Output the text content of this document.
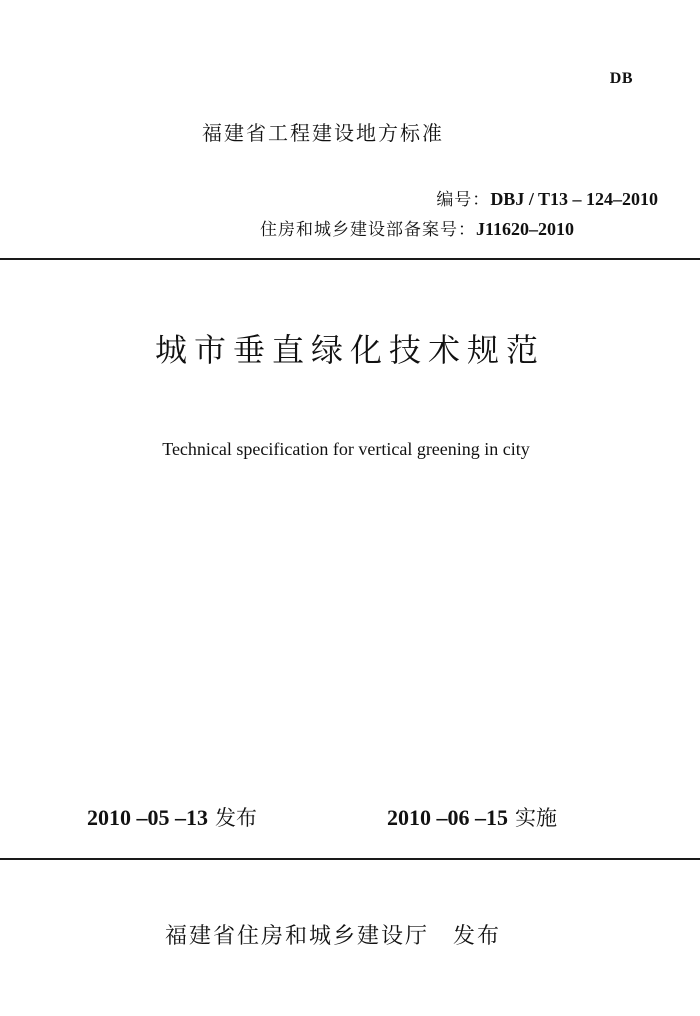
DB
福建省工程建设地方标准
编号：DBJ / T13 – 124–2010
住房和城乡建设部备案号：J11620–2010
城市垂直绿化技术规范
Technical specification for vertical greening in city
2010 –05 –13 发布	2010 –06 –15 实施
福建省住房和城乡建设厅 发布
